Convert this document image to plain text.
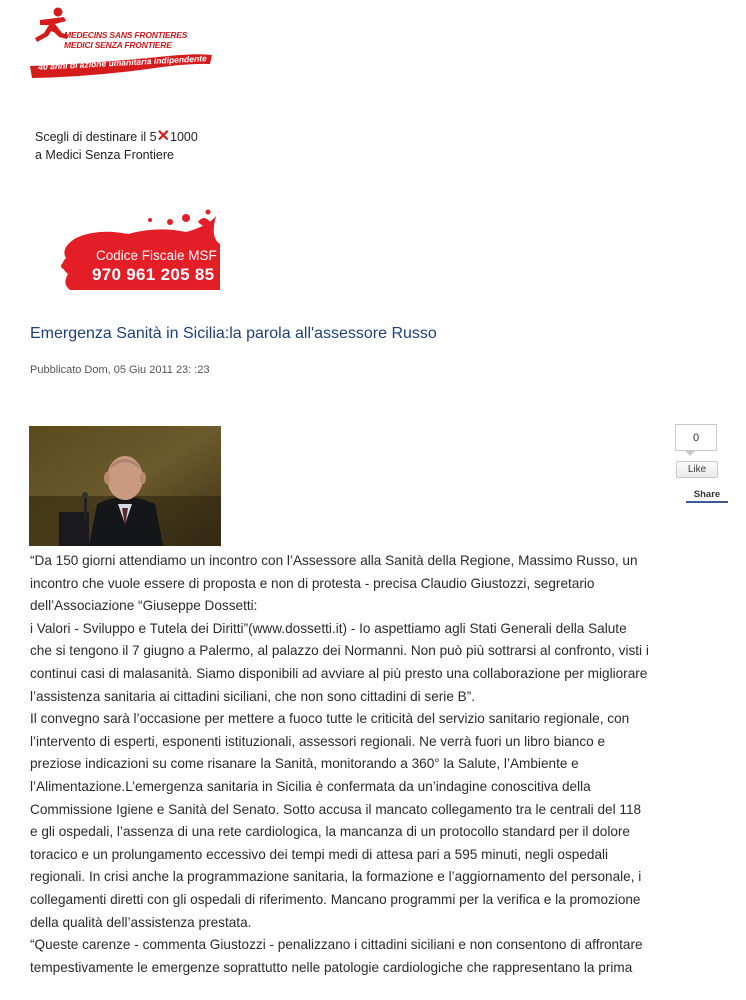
MEDECINS SANS FRONTIERES
MEDICI SENZA FRONTIERE
40 anni di azione umanitaria indipendente
Scegli di destinare il 5✕1000
a Medici Senza Frontiere
Codice Fiscale MSF
970 961 205 85
Emergenza Sanità in Sicilia:la parola all'assessore Russo
Pubblicato Dom, 05 Giu 2011 23: :23
0
Like
Share

“Da 150 giorni attendiamo un incontro con l’Assessore alla Sanità della Regione, Massimo Russo, un

incontro che vuole essere di proposta e non di protesta - precisa Claudio Giustozzi, segretario

dell’Associazione “Giuseppe Dossetti:

i Valori - Sviluppo e Tutela dei Diritti”(www.dossetti.it) - Io aspettiamo agli Stati Generali della Salute

che si tengono il 7 giugno a Palermo, al palazzo dei Normanni. Non può più sottrarsi al confronto, visti i

continui casi di malasanità. Siamo disponibili ad avviare al più presto una collaborazione per migliorare

l’assistenza sanitaria ai cittadini siciliani, che non sono cittadini di serie B”.

Il convegno sarà l’occasione per mettere a fuoco tutte le criticità del servizio sanitario regionale, con

l’intervento di esperti, esponenti istituzionali, assessori regionali. Ne verrà fuori un libro bianco e

preziose indicazioni su come risanare la Sanità, monitorando a 360° la Salute, l’Ambiente e

l’Alimentazione.L’emergenza sanitaria in Sicilia è confermata da un’indagine conoscitiva della

Commissione Igiene e Sanità del Senato. Sotto accusa il mancato collegamento tra le centrali del 118

e gli ospedali, l’assenza di una rete cardiologica, la mancanza di un protocollo standard per il dolore

toracico e un prolungamento eccessivo dei tempi medi di attesa pari a 595 minuti, negli ospedali

regionali. In crisi anche la programmazione sanitaria, la formazione e l’aggiornamento del personale, i

collegamenti diretti con gli ospedali di riferimento. Mancano programmi per la verifica e la promozione

della qualità dell’assistenza prestata.

“Queste carenze - commenta Giustozzi - penalizzano i cittadini siciliani e non consentono di affrontare

tempestivamente le emergenze soprattutto nelle patologie cardiologiche che rappresentano la prima
